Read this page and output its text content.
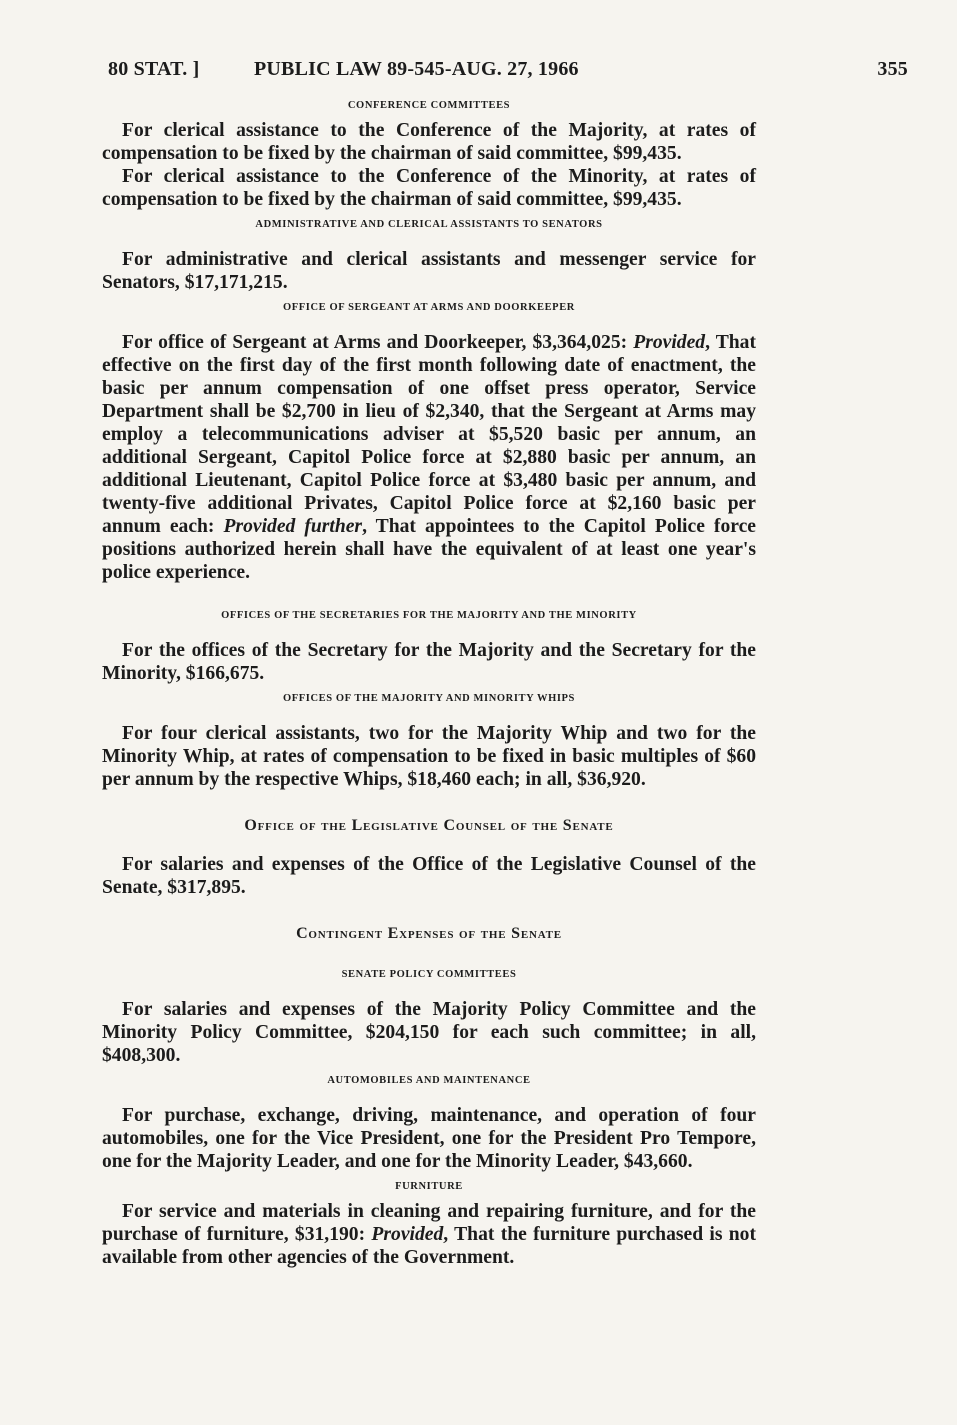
80 STAT. ]	PUBLIC LAW 89-545-AUG. 27, 1966	355

CONFERENCE COMMITTEES

For clerical assistance to the Conference of the Majority, at rates of compensation to be fixed by the chairman of said committee, $99,435.

For clerical assistance to the Conference of the Minority, at rates of compensation to be fixed by the chairman of said committee, $99,435.

ADMINISTRATIVE AND CLERICAL ASSISTANTS TO SENATORS

For administrative and clerical assistants and messenger service for Senators, $17,171,215.

OFFICE OF SERGEANT AT ARMS AND DOORKEEPER

For office of Sergeant at Arms and Doorkeeper, $3,364,025: Provided, That effective on the first day of the first month following date of enactment, the basic per annum compensation of one offset press operator, Service Department shall be $2,700 in lieu of $2,340, that the Sergeant at Arms may employ a telecommunications adviser at $5,520 basic per annum, an additional Sergeant, Capitol Police force at $2,880 basic per annum, an additional Lieutenant, Capitol Police force at $3,480 basic per annum, and twenty-five additional Privates, Capitol Police force at $2,160 basic per annum each: Provided further, That appointees to the Capitol Police force positions authorized herein shall have the equivalent of at least one year's police experience.

OFFICES OF THE SECRETARIES FOR THE MAJORITY AND THE MINORITY

For the offices of the Secretary for the Majority and the Secretary for the Minority, $166,675.

OFFICES OF THE MAJORITY AND MINORITY WHIPS

For four clerical assistants, two for the Majority Whip and two for the Minority Whip, at rates of compensation to be fixed in basic multiples of $60 per annum by the respective Whips, $18,460 each; in all, $36,920.

Office of the Legislative Counsel of the Senate

For salaries and expenses of the Office of the Legislative Counsel of the Senate, $317,895.

Contingent Expenses of the Senate

SENATE POLICY COMMITTEES

For salaries and expenses of the Majority Policy Committee and the Minority Policy Committee, $204,150 for each such committee; in all, $408,300.

AUTOMOBILES AND MAINTENANCE

For purchase, exchange, driving, maintenance, and operation of four automobiles, one for the Vice President, one for the President Pro Tempore, one for the Majority Leader, and one for the Minority Leader, $43,660.

FURNITURE

For service and materials in cleaning and repairing furniture, and for the purchase of furniture, $31,190: Provided, That the furniture purchased is not available from other agencies of the Government.
